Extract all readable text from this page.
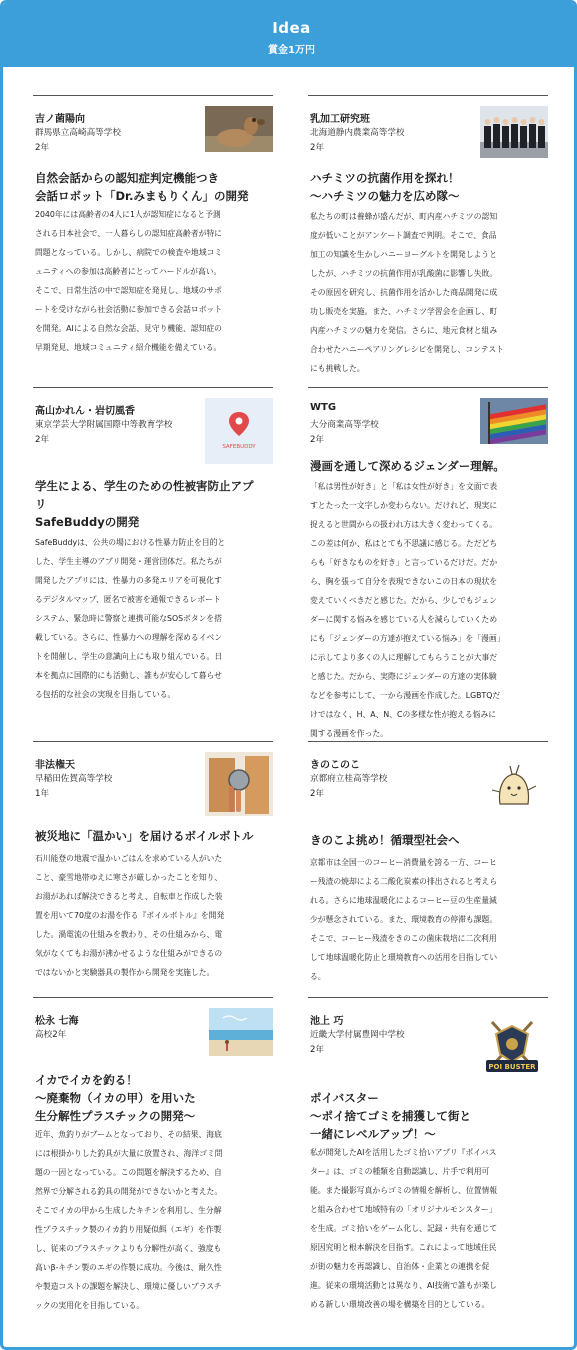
Idea
賞金1万円
吉ノ菌陽向
群馬県立高崎高等学校
2年
自然会話からの認知症判定機能つき
会話ロボット「Dr.みまもりくん」の開発
2040年には高齢者の4人に1人が認知症になると予測
される日本社会で、一人暮らしの認知症高齢者が特に
問題となっている。しかし、病院での検査や地域コミ
ュニティへの参加は高齢者にとってハードルが高い。
そこで、日常生活の中で認知症を発見し、地域のサポ
ートを受けながら社会活動に参加できる会話ロボット
を開発。AIによる自然な会話、見守り機能、認知症の
早期発見、地域コミュニティ紹介機能を備えている。
乳加工研究班
北海道静内農業高等学校
2年
ハチミツの抗菌作用を探れ！
〜ハチミツの魅力を広め隊〜
私たちの町は養蜂が盛んだが、町内産ハチミツの認知
度が低いことがアンケート調査で判明。そこで、食品
加工の知識を生かしハニーヨーグルトを開発しようと
したが、ハチミツの抗菌作用が乳酸菌に影響し失敗。
その原因を研究し、抗菌作用を活かした商品開発に成
功し販売を実施。また、ハチミツ学習会を企画し、町
内産ハチミツの魅力を発信。さらに、地元食材と組み
合わせたハニーペアリングレシピを開発し、コンテスト
にも挑戦した。
高山かれん・岩切風香
東京学芸大学附属国際中等教育学校
2年
SAFEBUDDY
学生による、学生のための性被害防止アプ
リ
SafeBuddyの開発
SafeBuddyは、公共の場における性暴力防止を目的と
した、学生主導のアプリ開発・運営団体だ。私たちが
開発したアプリには、性暴力の多発エリアを可視化す
るデジタルマップ、匿名で被害を通報できるレポート
システム、緊急時に警察と連携可能なSOSボタンを搭
載している。さらに、性暴力への理解を深めるイベン
トを開催し、学生の意識向上にも取り組んでいる。日
本を拠点に国際的にも活動し、誰もが安心して暮らせ
る包括的な社会の実現を目指している。
WTG
大分商業高等学校
2年
漫画を通して深めるジェンダー理解。
「私は男性が好き」と「私は女性が好き」を文面で表
すとたった一文字しか変わらない。だけれど、現実に
捉えると世間からの扱われ方は大きく変わってくる。
この差は何か、私はとても不思議に感じる。ただどち
らも「好きなものを好き」と言っているだけだ。だか
ら、胸を張って自分を表現できないこの日本の現状を
変えていくべきだと感じた。だから、少しでもジェン
ダーに関する悩みを感じている人を減らしていくため
にも「ジェンダーの方達が抱えている悩み」を「漫画」
に示してより多くの人に理解してもらうことが大事だ
と感じた。だから、実際にジェンダーの方達の実体験
などを参考にして、一から漫画を作成した。LGBTQだ
けではなく、H、A、N、Cの多様な性が抱える悩みに
関する漫画を作った。
非法権天
早稲田佐賀高等学校
1年
被災地に「温かい」を届けるボイルボトル
石川能登の地震で温かいごはんを求めている人がいた
こと、豪雪地帯ゆえに寒さが厳しかったことを知り、
お湯があれば解決できると考え、自転車と作成した装
置を用いて70度のお湯を作る『ボイルボトル』を開発
した。渦電流の仕組みを教わり、その仕組みから、電
気がなくてもお湯が沸かせるような仕組みができるの
ではないかと実験器具の製作から開発を実施した。
きのこのこ
京都府立桂高等学校
2年
きのこよ挑め！循環型社会へ
京都市は全国一のコーヒー消費量を誇る一方、コーヒ
ー残渣の焼却による二酸化炭素の排出されると考えら
れる。さらに地球温暖化によるコーヒー豆の生産量減
少が懸念されている。また、環境教育の停滞も課題。
そこで、コーヒー残渣をきのこの菌床栽培に二次利用
して地球温暖化防止と環境教育への活用を目指してい
る。
松永 七海
高校2年
イカでイカを釣る！
〜廃棄物（イカの甲）を用いた
生分解性プラスチックの開発〜
近年、魚釣りがブームとなっており、その結果、海底
には根掛かりした釣具が大量に放置され、海洋ゴミ問
題の一因となっている。この問題を解決するため、自
然界で分解される釣具の開発ができないかと考えた。
そこでイカの甲から生成したキチンを利用し、生分解
性プラスチック製のイカ釣り用疑似餌（エギ）を作製
し、従来のプラスチックよりも分解性が高く、強度も
高いβ-キチン製のエギの作製に成功。今後は、耐久性
や製造コストの課題を解決し、環境に優しいプラスチ
ックの実用化を目指している。
池上 巧
近畿大学付属豊岡中学校
2年
POI BUSTER
ポイバスター
〜ポイ捨てゴミを捕獲して街と
一緒にレベルアップ！〜
私が開発したAIを活用したゴミ拾いアプリ『ポイバス
ター』は、ゴミの種類を自動認識し、片手で利用可
能。また撮影写真からゴミの情報を解析し、位置情報
と組み合わせて地域特有の「オリジナルモンスター」
を生成。ゴミ拾いをゲーム化し、記録・共有を通じて
原因究明と根本解決を目指す。これによって地域住民
が街の魅力を再認識し、自治体・企業との連携を促
進。従来の環境活動とは異なり、AI技術で誰もが楽し
める新しい環境改善の場を構築を目的としている。
